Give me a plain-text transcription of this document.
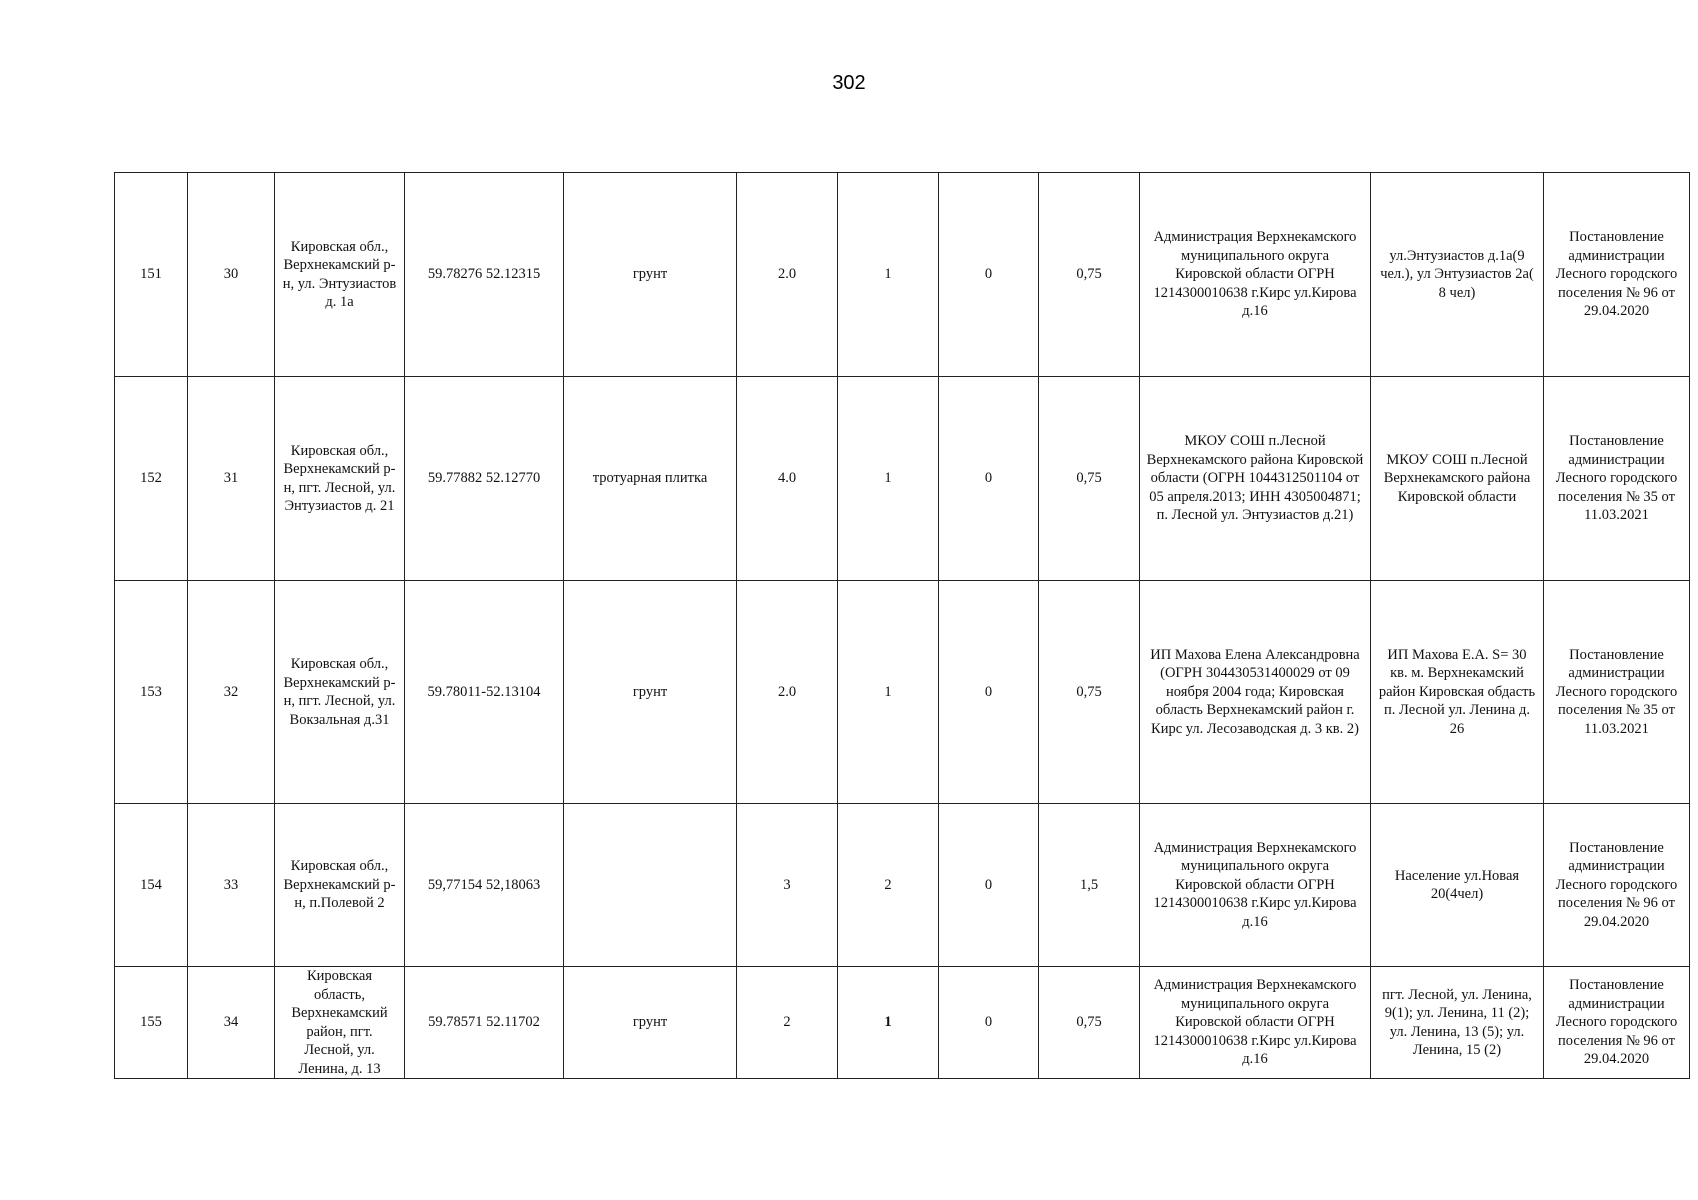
302
151	30	Кировская обл., Верхнекамский р-н, ул. Энтузиастов д. 1а	59.78276 52.12315	грунт	2.0	1	0	0,75	Администрация Верхнекамского муниципального округа Кировской области ОГРН 1214300010638 г.Кирс ул.Кирова д.16	ул.Энтузиастов д.1а(9 чел.), ул Энтузиастов 2а( 8 чел)	Постановление администрации Лесного городского поселения № 96 от 29.04.2020
152	31	Кировская обл., Верхнекамский р-н, пгт. Лесной, ул. Энтузиастов д. 21	59.77882 52.12770	тротуарная плитка	4.0	1	0	0,75	МКОУ СОШ п.Лесной Верхнекамского района Кировской области (ОГРН 1044312501104 от 05 апреля.2013; ИНН 4305004871; п. Лесной ул. Энтузиастов д.21)	МКОУ СОШ п.Лесной Верхнекамского района Кировской области	Постановление администрации Лесного городского поселения № 35 от 11.03.2021
153	32	Кировская обл., Верхнекамский р-н, пгт. Лесной, ул. Вокзальная д.31	59.78011-52.13104	грунт	2.0	1	0	0,75	ИП Махова Елена Александровна (ОГРН 304430531400029 от 09 ноября 2004 года; Кировская область Верхнекамский район г. Кирс ул. Лесозаводская д. 3 кв. 2)	ИП Махова Е.А. S= 30 кв. м. Верхнекамский район Кировская обдасть п. Лесной ул. Ленина д. 26	Постановление администрации Лесного городского поселения № 35 от 11.03.2021
154	33	Кировская обл., Верхнекамский р-н, п.Полевой 2	59,77154 52,18063		3	2	0	1,5	Администрация Верхнекамского муниципального округа Кировской области ОГРН 1214300010638 г.Кирс ул.Кирова д.16	Население ул.Новая 20(4чел)	Постановление администрации Лесного городского поселения № 96 от 29.04.2020
155	34	Кировская область, Верхнекамский район, пгт. Лесной, ул. Ленина, д. 13	59.78571 52.11702	грунт	2	1	0	0,75	Администрация Верхнекамского муниципального округа Кировской области ОГРН 1214300010638 г.Кирс ул.Кирова д.16	пгт. Лесной, ул. Ленина, 9(1); ул. Ленина, 11 (2); ул. Ленина, 13 (5); ул. Ленина, 15 (2)	Постановление администрации Лесного городского поселения № 96 от 29.04.2020
